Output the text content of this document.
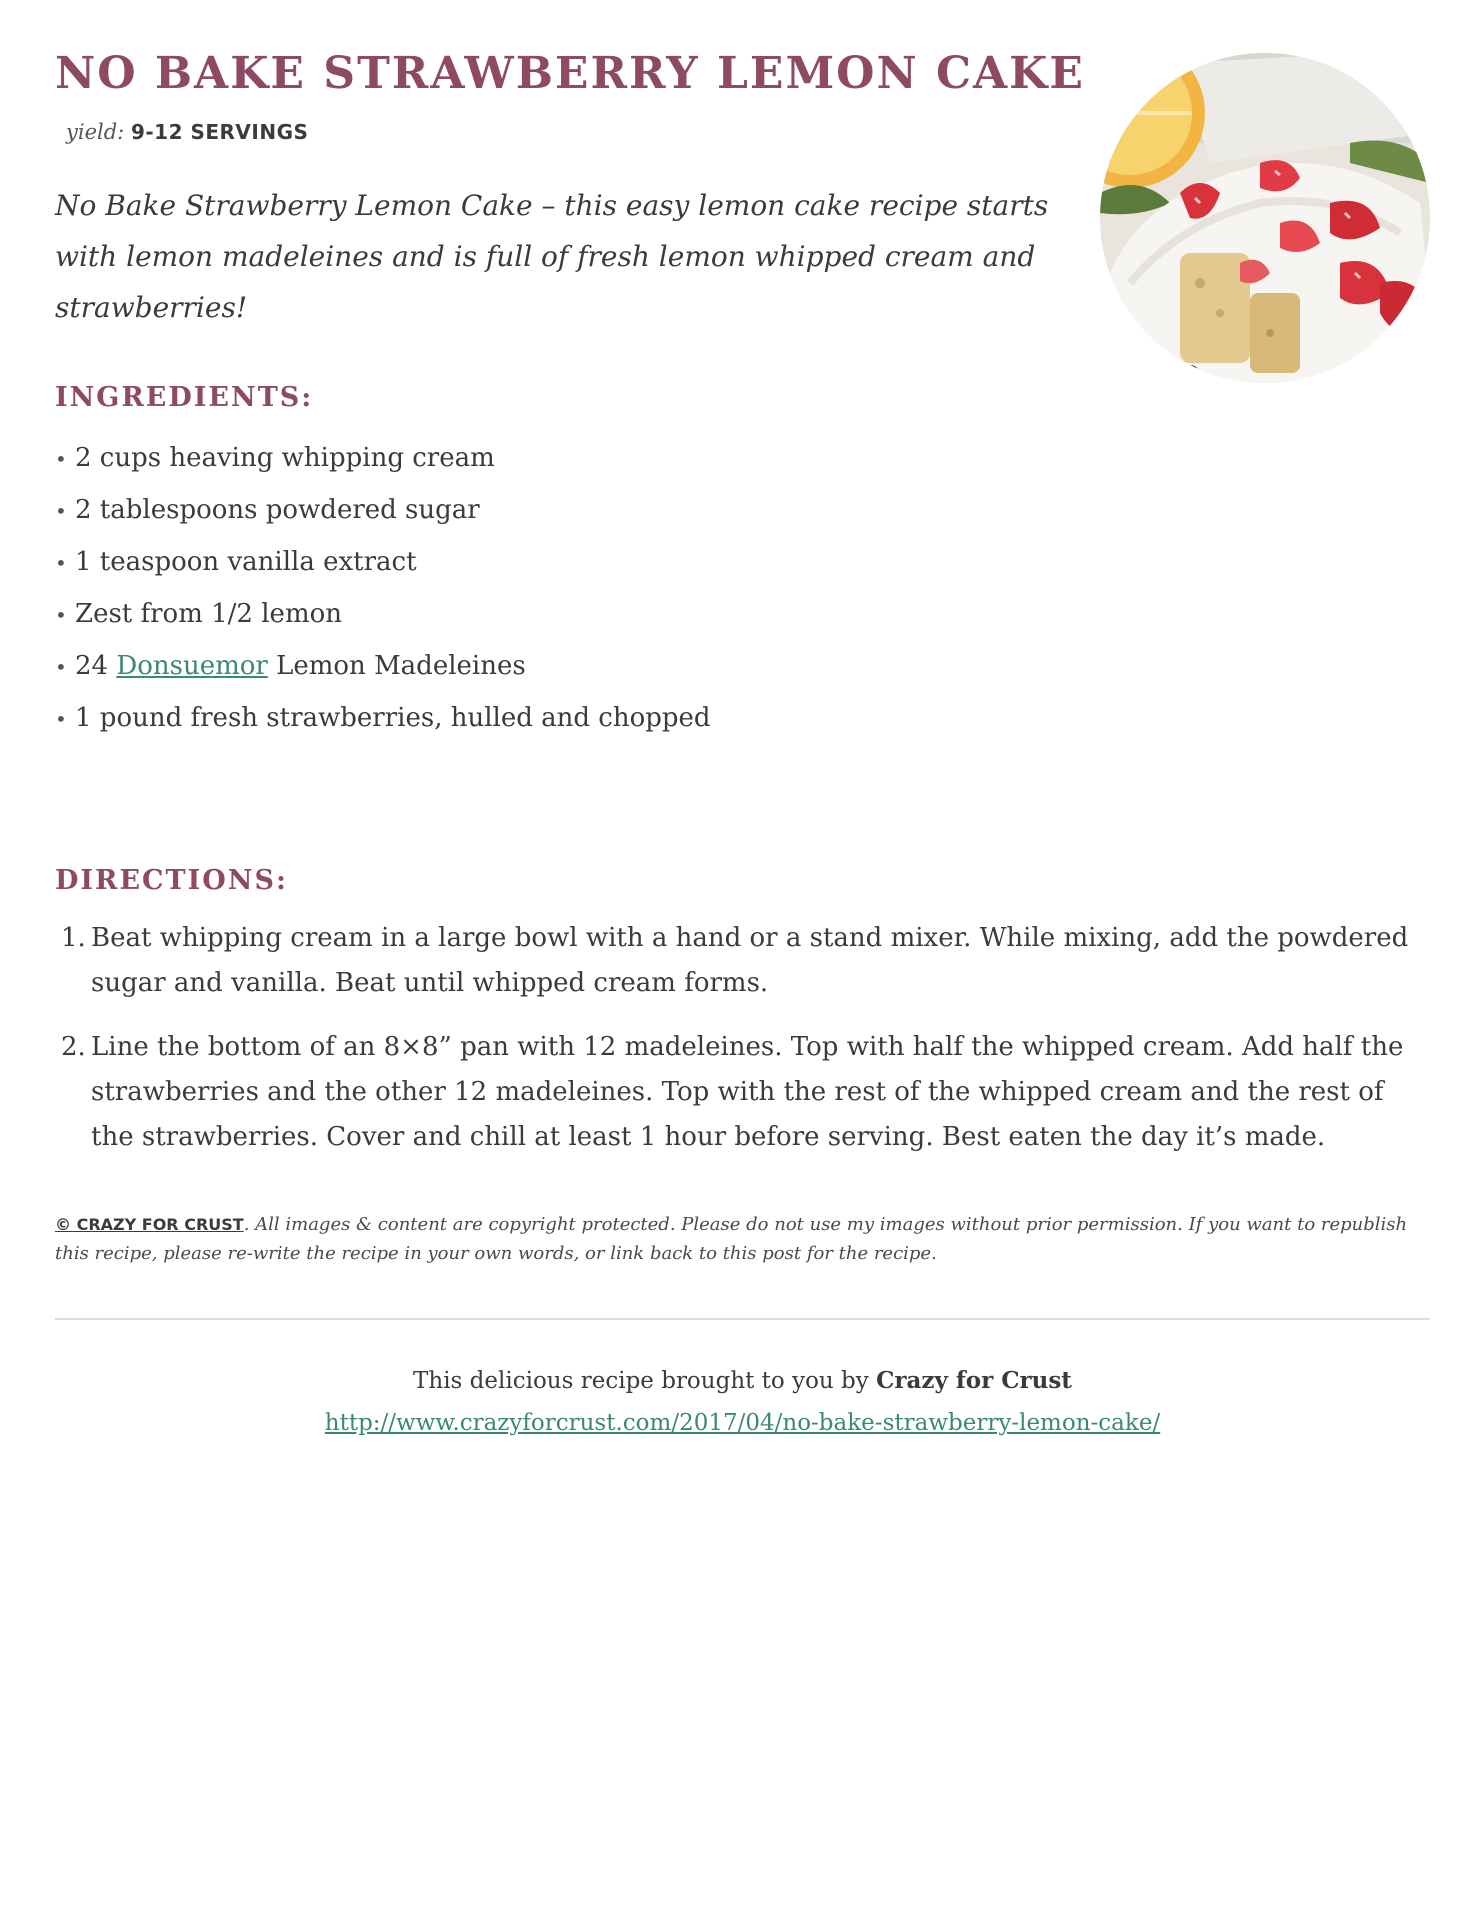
NO BAKE STRAWBERRY LEMON CAKE
yield: 9-12 SERVINGS

No Bake Strawberry Lemon Cake – this easy lemon cake recipe starts with lemon madeleines and is full of fresh lemon whipped cream and strawberries!

INGREDIENTS:
• 2 cups heaving whipping cream
• 2 tablespoons powdered sugar
• 1 teaspoon vanilla extract
• Zest from 1/2 lemon
• 24 Donsuemor Lemon Madeleines
• 1 pound fresh strawberries, hulled and chopped
DIRECTIONS:
1. Beat whipping cream in a large bowl with a hand or a stand mixer. While mixing, add the powdered sugar and vanilla. Beat until whipped cream forms.
2. Line the bottom of an 8×8” pan with 12 madeleines. Top with half the whipped cream. Add half the strawberries and the other 12 madeleines. Top with the rest of the whipped cream and the rest of the strawberries. Cover and chill at least 1 hour before serving. Best eaten the day it’s made.

© CRAZY FOR CRUST. All images & content are copyright protected. Please do not use my images without prior permission. If you want to republish this recipe, please re-write the recipe in your own words, or link back to this post for the recipe.

This delicious recipe brought to you by Crazy for Crust
http://www.crazyforcrust.com/2017/04/no-bake-strawberry-lemon-cake/
